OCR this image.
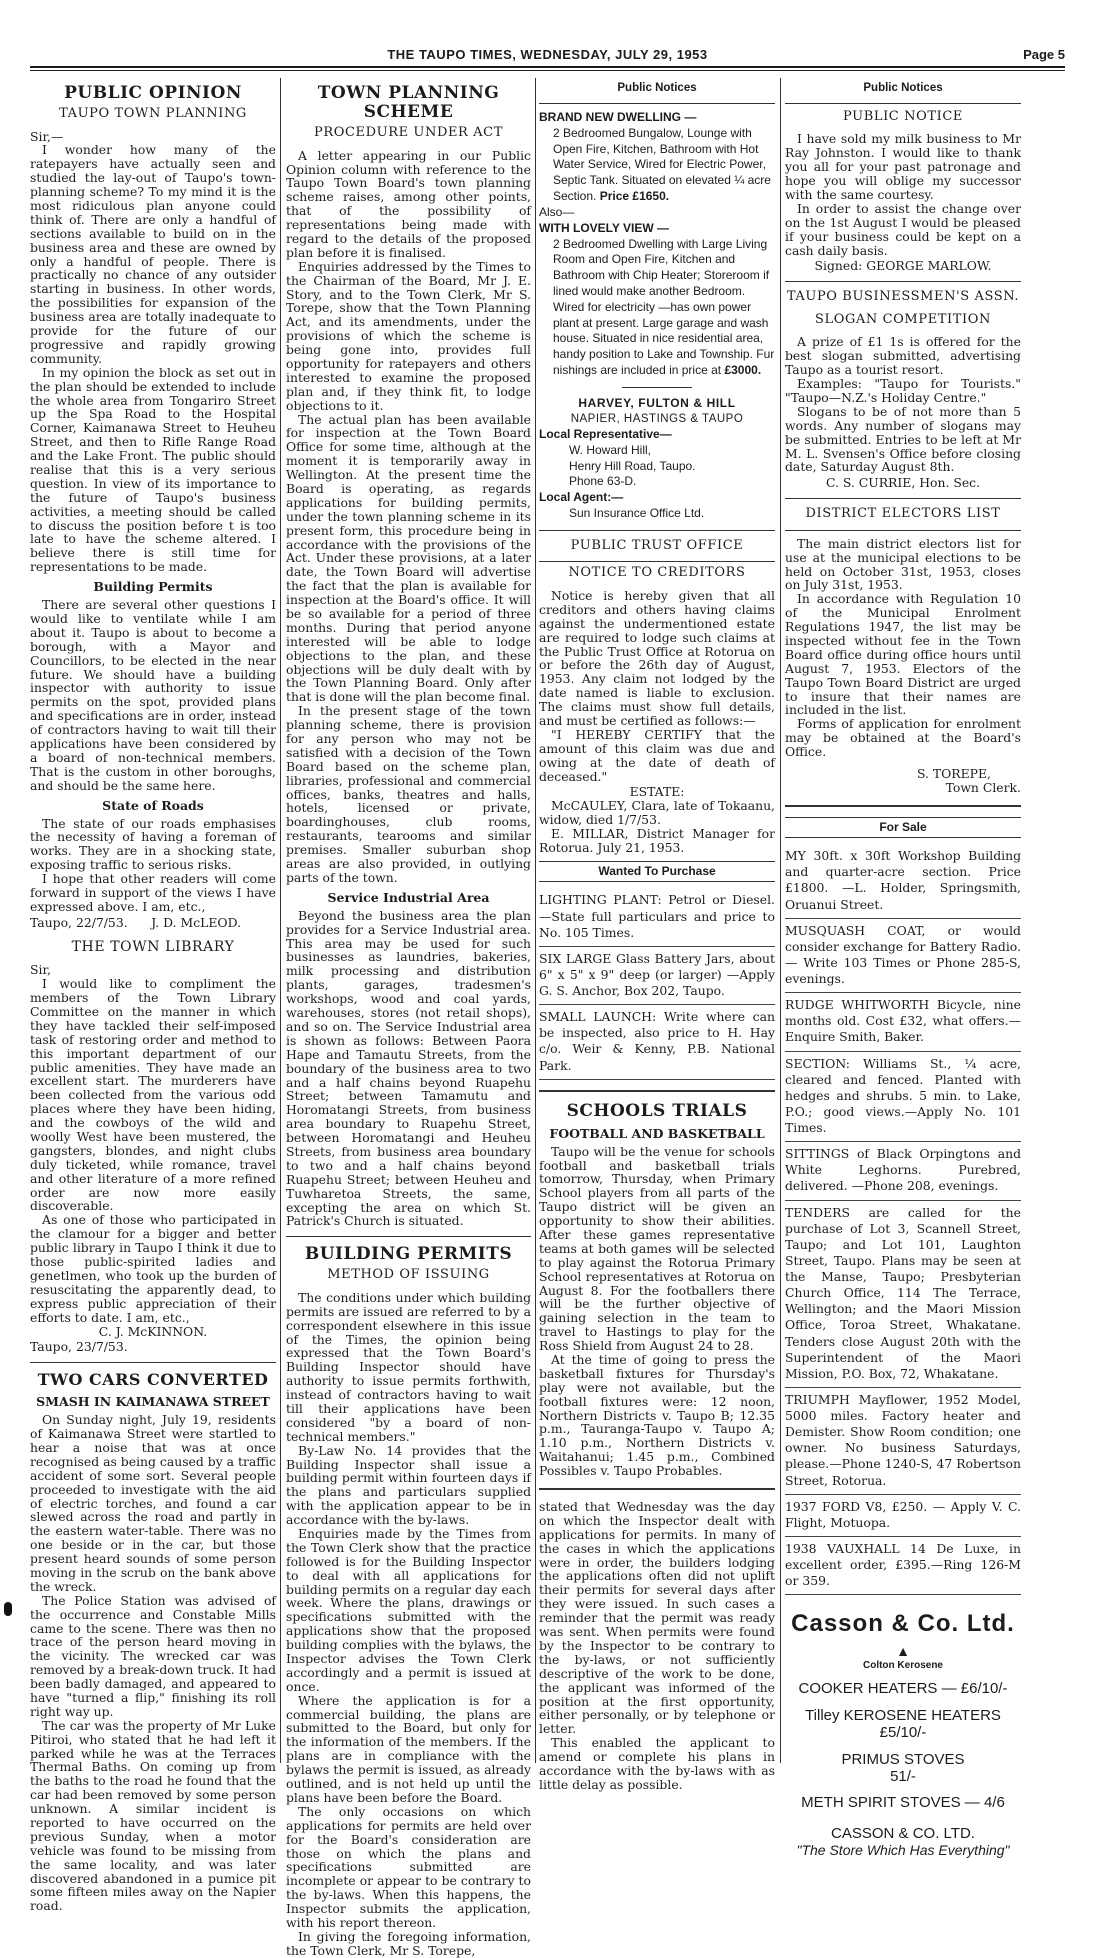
THE TAUPO TIMES, WEDNESDAY, JULY 29, 1953	Page 5
PUBLIC OPINION
TAUPO TOWN PLANNING

Sir,—

I wonder how many of the ratepayers have actually seen and studied the lay-out of Taupo's town-planning scheme? To my mind it is the most ridiculous plan anyone could think of. There are only a handful of sections available to build on in the business area and these are owned by only a handful of people. There is practically no chance of any outsider starting in business. In other words, the possibilities for expansion of the business area are totally inadequate to provide for the future of our progressive and rapidly growing community.

In my opinion the block as set out in the plan should be extended to include the whole area from Tongariro Street up the Spa Road to the Hospital Corner, Kaimanawa Street to Heuheu Street, and then to Rifle Range Road and the Lake Front. The public should realise that this is a very serious question. In view of its importance to the future of Taupo's business activities, a meeting should be called to discuss the position before t is too late to have the scheme altered. I believe there is still time for representations to be made.

Building Permits

There are several other questions I would like to ventilate while I am about it. Taupo is about to become a borough, with a Mayor and Councillors, to be elected in the near future. We should have a building inspector with authority to issue permits on the spot, provided plans and specifications are in order, instead of contractors having to wait till their applications have been considered by a board of non-technical members. That is the custom in other boroughs, and should be the same here.

State of Roads

The state of our roads emphasises the necessity of having a foreman of works. They are in a shocking state, exposing traffic to serious risks.

I hope that other readers will come forward in support of the views I have expressed above. I am, etc.,

Taupo, 22/7/53.      J. D. McLEOD.
THE TOWN LIBRARY

Sir,

I would like to compliment the members of the Town Library Committee on the manner in which they have tackled their self-imposed task of restoring order and method to this important department of our public amenities. They have made an excellent start. The murderers have been collected from the various odd places where they have been hiding, and the cowboys of the wild and woolly West have been mustered, the gangsters, blondes, and night clubs duly ticketed, while romance, travel and other literature of a more refined order are now more easily discoverable.

As one of those who participated in the clamour for a bigger and better public library in Taupo I think it due to those public-spirited ladies and genetlmen, who took up the burden of resuscitating the apparently dead, to express public appreciation of their efforts to date. I am, etc.,

C. J. McKINNON.
Taupo, 23/7/53.
TWO CARS CONVERTED
SMASH IN KAIMANAWA STREET

On Sunday night, July 19, residents of Kaimanawa Street were startled to hear a noise that was at once recognised as being caused by a traffic accident of some sort. Several people proceeded to investigate with the aid of electric torches, and found a car slewed across the road and partly in the eastern water-table. There was no one beside or in the car, but those present heard sounds of some person moving in the scrub on the bank above the wreck.

The Police Station was advised of the occurrence and Constable Mills came to the scene. There was then no trace of the person heard moving in the vicinity. The wrecked car was removed by a break-down truck. It had been badly damaged, and appeared to have "turned a flip," finishing its roll right way up.

The car was the property of Mr Luke Pitiroi, who stated that he had left it parked while he was at the Terraces Thermal Baths. On coming up from the baths to the road he found that the car had been removed by some person unknown. A similar incident is reported to have occurred on the previous Sunday, when a motor vehicle was found to be missing from the same locality, and was later discovered abandoned in a pumice pit some fifteen miles away on the Napier road.

TOWN PLANNING SCHEME
PROCEDURE UNDER ACT

A letter appearing in our Public Opinion column with reference to the Taupo Town Board's town planning scheme raises, among other points, that of the possibility of representations being made with regard to the details of the proposed plan before it is finalised.

Enquiries addressed by the Times to the Chairman of the Board, Mr J. E. Story, and to the Town Clerk, Mr S. Torepe, show that the Town Planning Act, and its amendments, under the provisions of which the scheme is being gone into, provides full opportunity for ratepayers and others interested to examine the proposed plan and, if they think fit, to lodge objections to it.

The actual plan has been available for inspection at the Town Board Office for some time, although at the moment it is temporarily away in Wellington. At the present time the Board is operating, as regards applications for building permits, under the town planning scheme in its present form, this procedure being in accordance with the provisions of the Act. Under these provisions, at a later date, the Town Board will advertise the fact that the plan is available for inspection at the Board's office. It will be so available for a period of three months. During that period anyone interested will be able to lodge objections to the plan, and these objections will be duly dealt with by the Town Planning Board. Only after that is done will the plan become final.

In the present stage of the town planning scheme, there is provision for any person who may not be satisfied with a decision of the Town Board based on the scheme plan, libraries, professional and commercial offices, banks, theatres and halls, hotels, licensed or private, boardinghouses, club rooms, restaurants, tearooms and similar premises. Smaller suburban shop areas are also provided, in outlying parts of the town.

Service Industrial Area

Beyond the business area the plan provides for a Service Industrial area. This area may be used for such businesses as laundries, bakeries, milk processing and distribution plants, garages, tradesmen's workshops, wood and coal yards, warehouses, stores (not retail shops), and so on. The Service Industrial area is shown as follows: Between Paora Hape and Tamautu Streets, from the boundary of the business area to two and a half chains beyond Ruapehu Street; between Tamamutu and Horomatangi Streets, from business area boundary to Ruapehu Street, between Horomatangi and Heuheu Streets, from business area boundary to two and a half chains beyond Ruapehu Street; between Heuheu and Tuwharetoa Streets, the same, excepting the area on which St. Patrick's Church is situated.

BUILDING PERMITS
METHOD OF ISSUING

The conditions under which building permits are issued are referred to by a correspondent elsewhere in this issue of the Times, the opinion being expressed that the Town Board's Building Inspector should have authority to issue permits forthwith, instead of contractors having to wait till their applications have been considered "by a board of non-technical members."

By-Law No. 14 provides that the Building Inspector shall issue a building permit within fourteen days if the plans and particulars supplied with the application appear to be in accordance with the by-laws.

Enquiries made by the Times from the Town Clerk show that the practice followed is for the Building Inspector to deal with all applications for building permits on a regular day each week. Where the plans, drawings or specifications submitted with the applications show that the proposed building complies with the bylaws, the Inspector advises the Town Clerk accordingly and a permit is issued at once.

Where the application is for a commercial building, the plans are submitted to the Board, but only for the information of the members. If the plans are in compliance with the bylaws the permit is issued, as already outlined, and is not held up until the plans have been before the Board.

The only occasions on which applications for permits are held over for the Board's consideration are those on which the plans and specifications submitted are incomplete or appear to be contrary to the by-laws. When this happens, the Inspector submits the application, with his report thereon.

In giving the foregoing information, the Town Clerk, Mr S. Torepe,

Public Notices
BRAND NEW DWELLING —
2 Bedroomed Bungalow, Lounge with Open Fire, Kitchen, Bathroom with Hot Water Service, Wired for Electric Power, Septic Tank. Situated on elevated ¼ acre Section. Price £1650.
Also—
WITH LOVELY VIEW —
2 Bedroomed Dwelling with Large Living Room and Open Fire, Kitchen and Bathroom with Chip Heater; Storeroom if lined would make another Bedroom. Wired for electricity —has own power plant at present. Large garage and wash house. Situated in nice residential area, handy position to Lake and Township. Fur nishings are included in price at £3000.
HARVEY, FULTON & HILL
NAPIER, HASTINGS & TAUPO
Local Representative—
W. Howard Hill,
Henry Hill Road, Taupo.
Phone 63-D.
Local Agent:—
Sun Insurance Office Ltd.
PUBLIC TRUST OFFICE
NOTICE TO CREDITORS

Notice is hereby given that all creditors and others having claims against the undermentioned estate are required to lodge such claims at the Public Trust Office at Rotorua on or before the 26th day of August, 1953. Any claim not lodged by the date named is liable to exclusion. The claims must show full details, and must be certified as follows:—

"I HEREBY CERTIFY that the amount of this claim was due and owing at the date of death of deceased."

ESTATE:

McCAULEY, Clara, late of Tokaanu, widow, died 1/7/53.

E. MILLAR, District Manager for Rotorua. July 21, 1953.

Wanted To Purchase
LIGHTING PLANT: Petrol or Diesel.—State full particulars and price to No. 105 Times.
SIX LARGE Glass Battery Jars, about 6" x 5" x 9" deep (or larger) —Apply G. S. Anchor, Box 202, Taupo.
SMALL LAUNCH: Write where can be inspected, also price to H. Hay c/o. Weir & Kenny, P.B. National Park.
SCHOOLS TRIALS
FOOTBALL AND BASKETBALL

Taupo will be the venue for schools football and basketball trials tomorrow, Thursday, when Primary School players from all parts of the Taupo district will be given an opportunity to show their abilities. After these games representative teams at both games will be selected to play against the Rotorua Primary School representatives at Rotorua on August 8. For the footballers there will be the further objective of gaining selection in the team to travel to Hastings to play for the Ross Shield from August 24 to 28.

At the time of going to press the basketball fixtures for Thursday's play were not available, but the football fixtures were: 12 noon, Northern Districts v. Taupo B; 12.35 p.m., Tauranga-Taupo v. Taupo A; 1.10 p.m., Northern Districts v. Waitahanui; 1.45 p.m., Combined Possibles v. Taupo Probables.

stated that Wednesday was the day on which the Inspector dealt with applications for permits. In many of the cases in which the applications were in order, the builders lodging the applications often did not uplift their permits for several days after they were issued. In such cases a reminder that the permit was ready was sent. When permits were found by the Inspector to be contrary to the by-laws, or not sufficiently descriptive of the work to be done, the applicant was informed of the position at the first opportunity, either personally, or by telephone or letter.

This enabled the applicant to amend or complete his plans in accordance with the by-laws with as little delay as possible.

Public Notices
PUBLIC NOTICE

I have sold my milk business to Mr Ray Johnston. I would like to thank you all for your past patronage and hope you will oblige my successor with the same courtesy.

In order to assist the change over on the 1st August I would be pleased if your business could be kept on a cash daily basis.

Signed: GEORGE MARLOW.
TAUPO BUSINESSMEN'S ASSN.
SLOGAN COMPETITION

A prize of £1 1s is offered for the best slogan submitted, advertising Taupo as a tourist resort.

Examples: "Taupo for Tourists." "Taupo—N.Z.'s Holiday Centre."

Slogans to be of not more than 5 words. Any number of slogans may be submitted. Entries to be left at Mr M. L. Svensen's Office before closing date, Saturday August 8th.

C. S. CURRIE, Hon. Sec.
DISTRICT ELECTORS LIST

The main district electors list for use at the municipal elections to be held on October 31st, 1953, closes on July 31st, 1953.

In accordance with Regulation 10 of the Municipal Enrolment Regulations 1947, the list may be inspected without fee in the Town Board office during office hours until August 7, 1953. Electors of the Taupo Town Board District are urged to insure that their names are included in the list.

Forms of application for enrolment may be obtained at the Board's Office.

S. TOREPE,
Town Clerk.
For Sale
MY 30ft. x 30ft Workshop Building and quarter-acre section. Price £1800. —L. Holder, Springsmith, Oruanui Street.
MUSQUASH COAT, or would consider exchange for Battery Radio.— Write 103 Times or Phone 285-S, evenings.
RUDGE WHITWORTH Bicycle, nine months old. Cost £32, what offers.— Enquire Smith, Baker.
SECTION: Williams St., ¼ acre, cleared and fenced. Planted with hedges and shrubs. 5 min. to Lake, P.O.; good views.—Apply No. 101 Times.
SITTINGS of Black Orpingtons and White Leghorns. Purebred, delivered. —Phone 208, evenings.
TENDERS are called for the purchase of Lot 3, Scannell Street, Taupo; and Lot 101, Laughton Street, Taupo. Plans may be seen at the Manse, Taupo; Presbyterian Church Office, 114 The Terrace, Wellington; and the Maori Mission Office, Toroa Street, Whakatane. Tenders close August 20th with the Superintendent of the Maori Mission, P.O. Box, 72, Whakatane.
TRIUMPH Mayflower, 1952 Model, 5000 miles. Factory heater and Demister. Show Room condition; one owner. No business Saturdays, please.—Phone 1240-S, 47 Robertson Street, Rotorua.
1937 FORD V8, £250. — Apply V. C. Flight, Motuopa.
1938 VAUXHALL 14 De Luxe, in excellent order, £395.—Ring 126-M or 359.
Casson & Co. Ltd.
▲
Colton Kerosene
COOKER HEATERS — £6/10/-
Tilley KEROSENE HEATERS
£5/10/-
PRIMUS STOVES
51/-
METH SPIRIT STOVES — 4/6
CASSON & CO. LTD.
"The Store Which Has Everything"
